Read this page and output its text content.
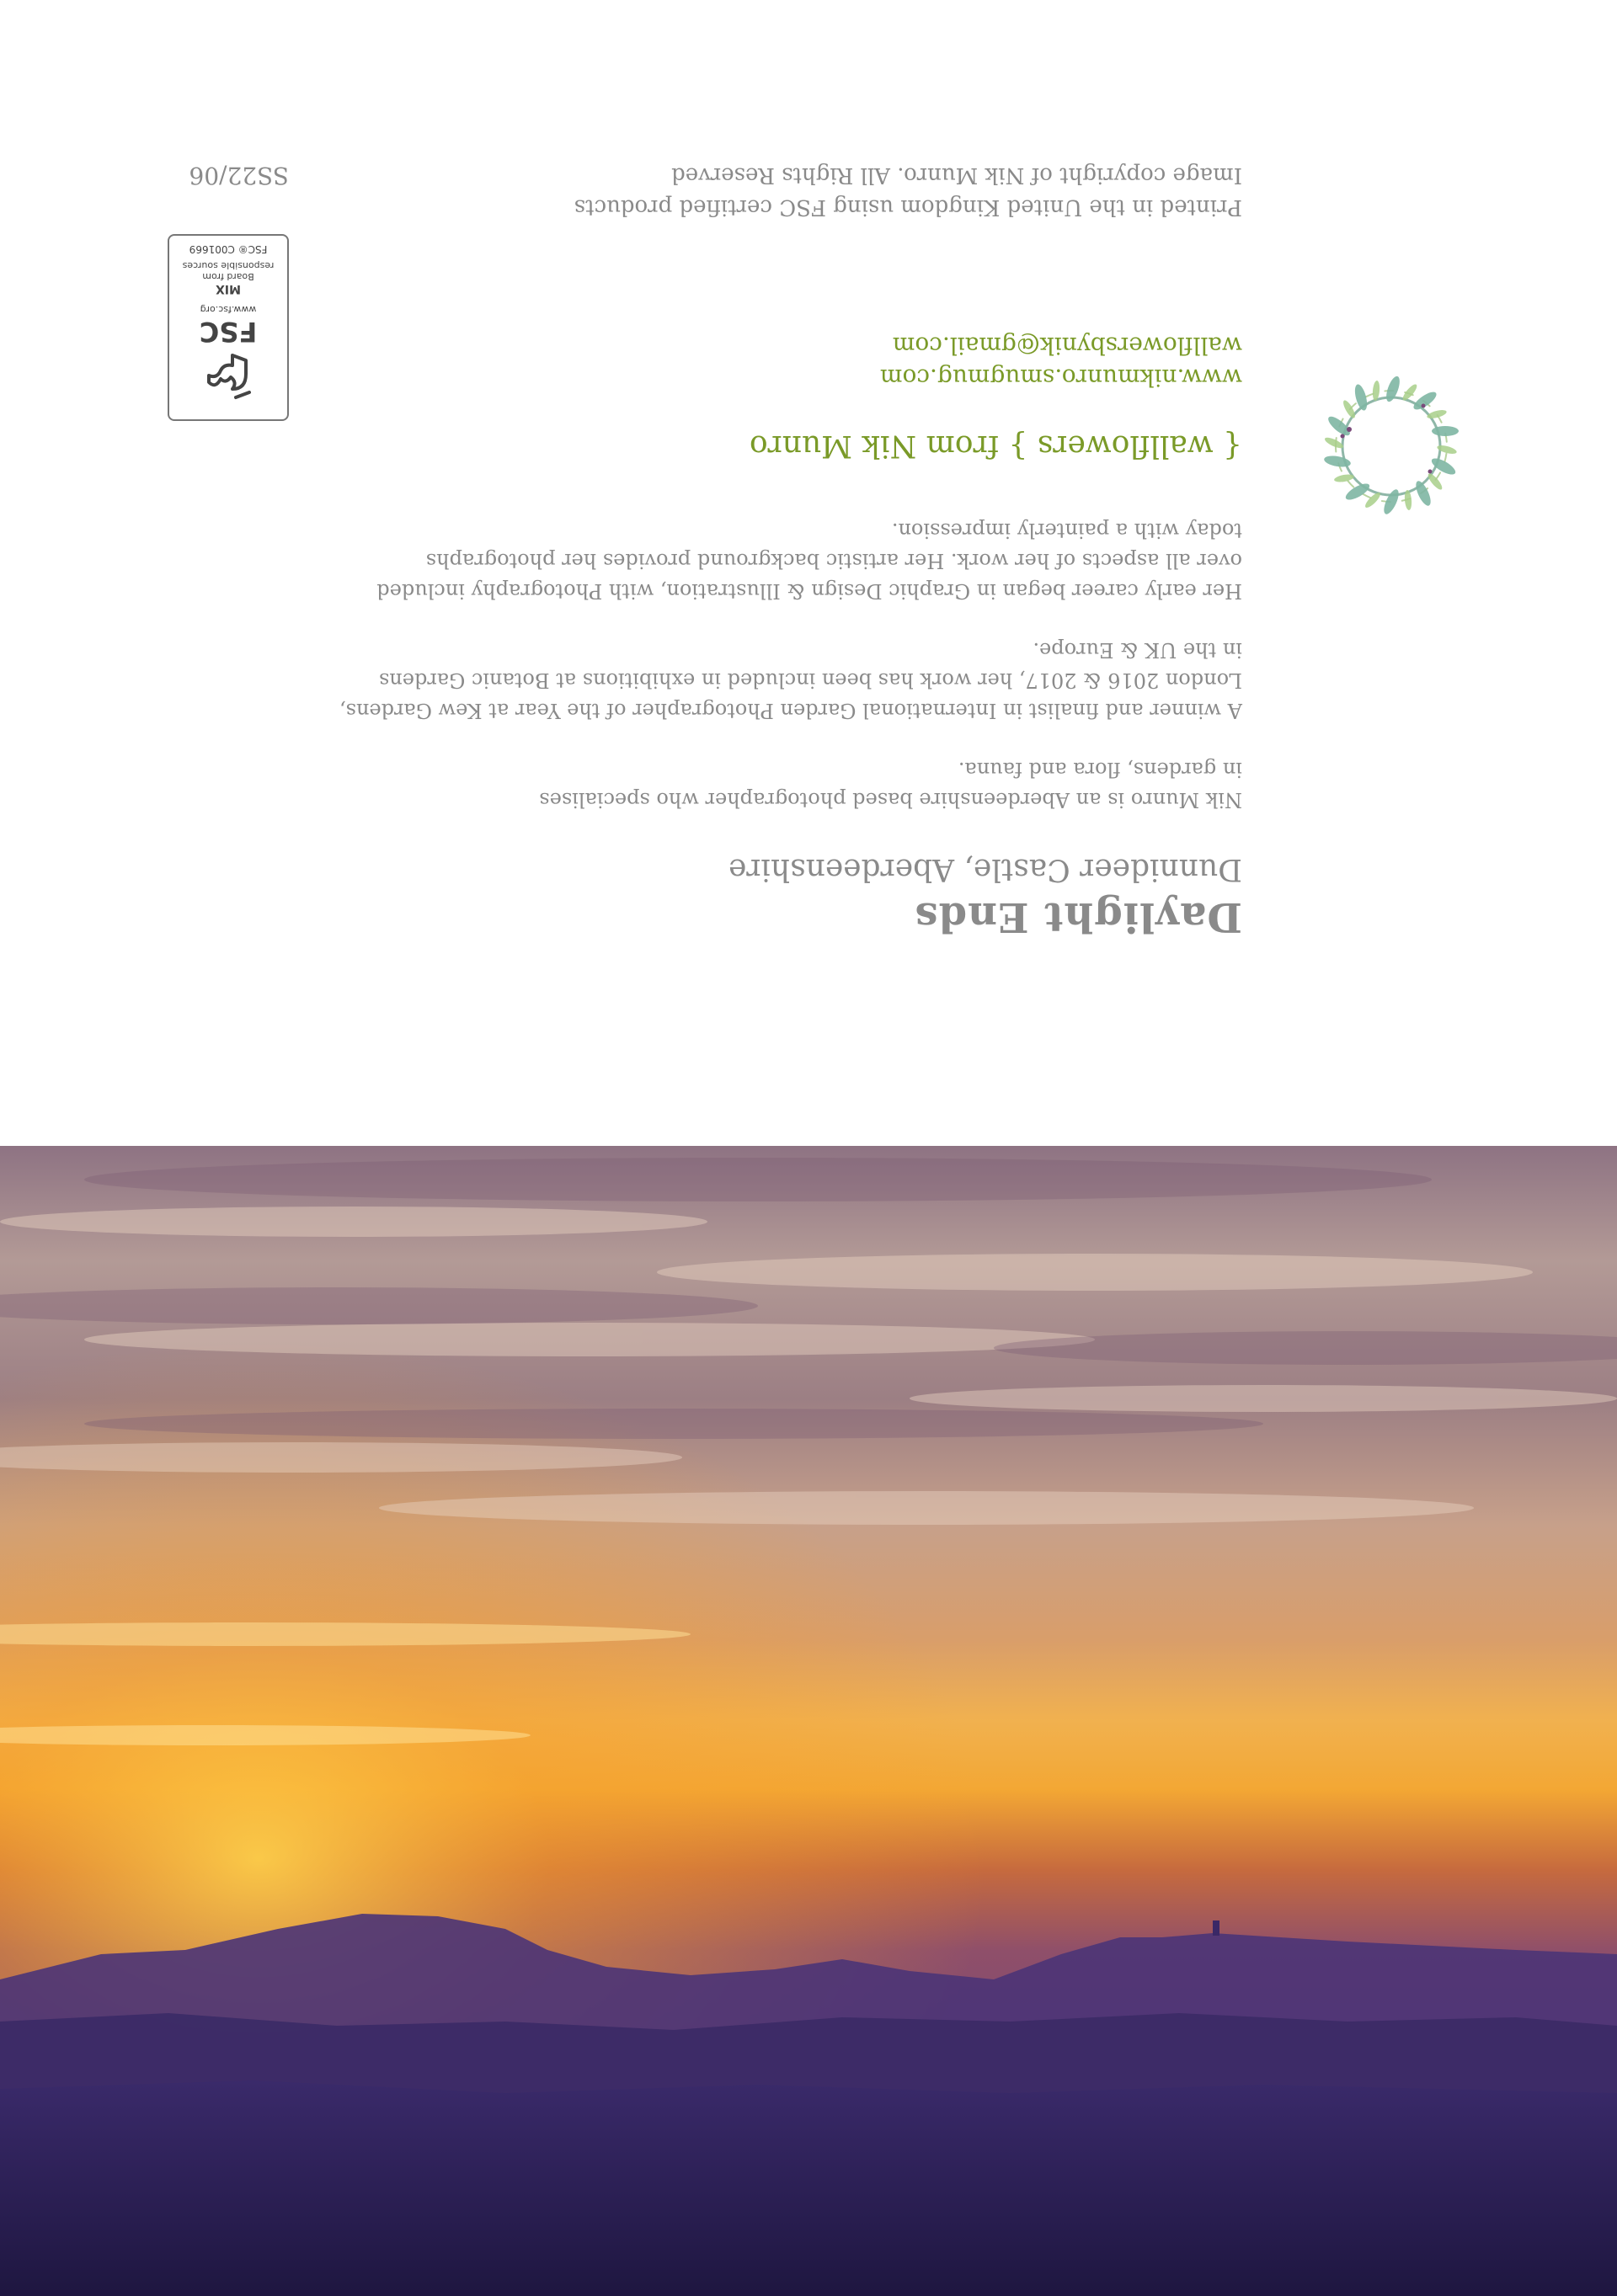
Daylight Ends
Dunnideer Castle, Aberdeenshire

Nik Munro is an Aberdeenshire based photographer who specialises
in gardens, flora and fauna.

A winner and finalist in International Garden Photographer of the Year at Kew Gardens,
London 2016 & 2017, her work has been included in exhibitions at Botanic Gardens
in the UK & Europe.

Her early career began in Graphic Design & Illustration, with Photography included
over all aspects of her work. Her artistic background provides her photographs
today with a painterly impression.

{ wallflowers } from Nik Munro
www.nikmunro.smugmug.com
wallflowersbynik@gmail.com
FSC
www.fsc.org
MIX
Board from
responsible sources
FSC® C001669
Printed in the United Kingdom using FSC certified products
Image copyright of Nik Munro. All Rights Reserved
SS22/06
